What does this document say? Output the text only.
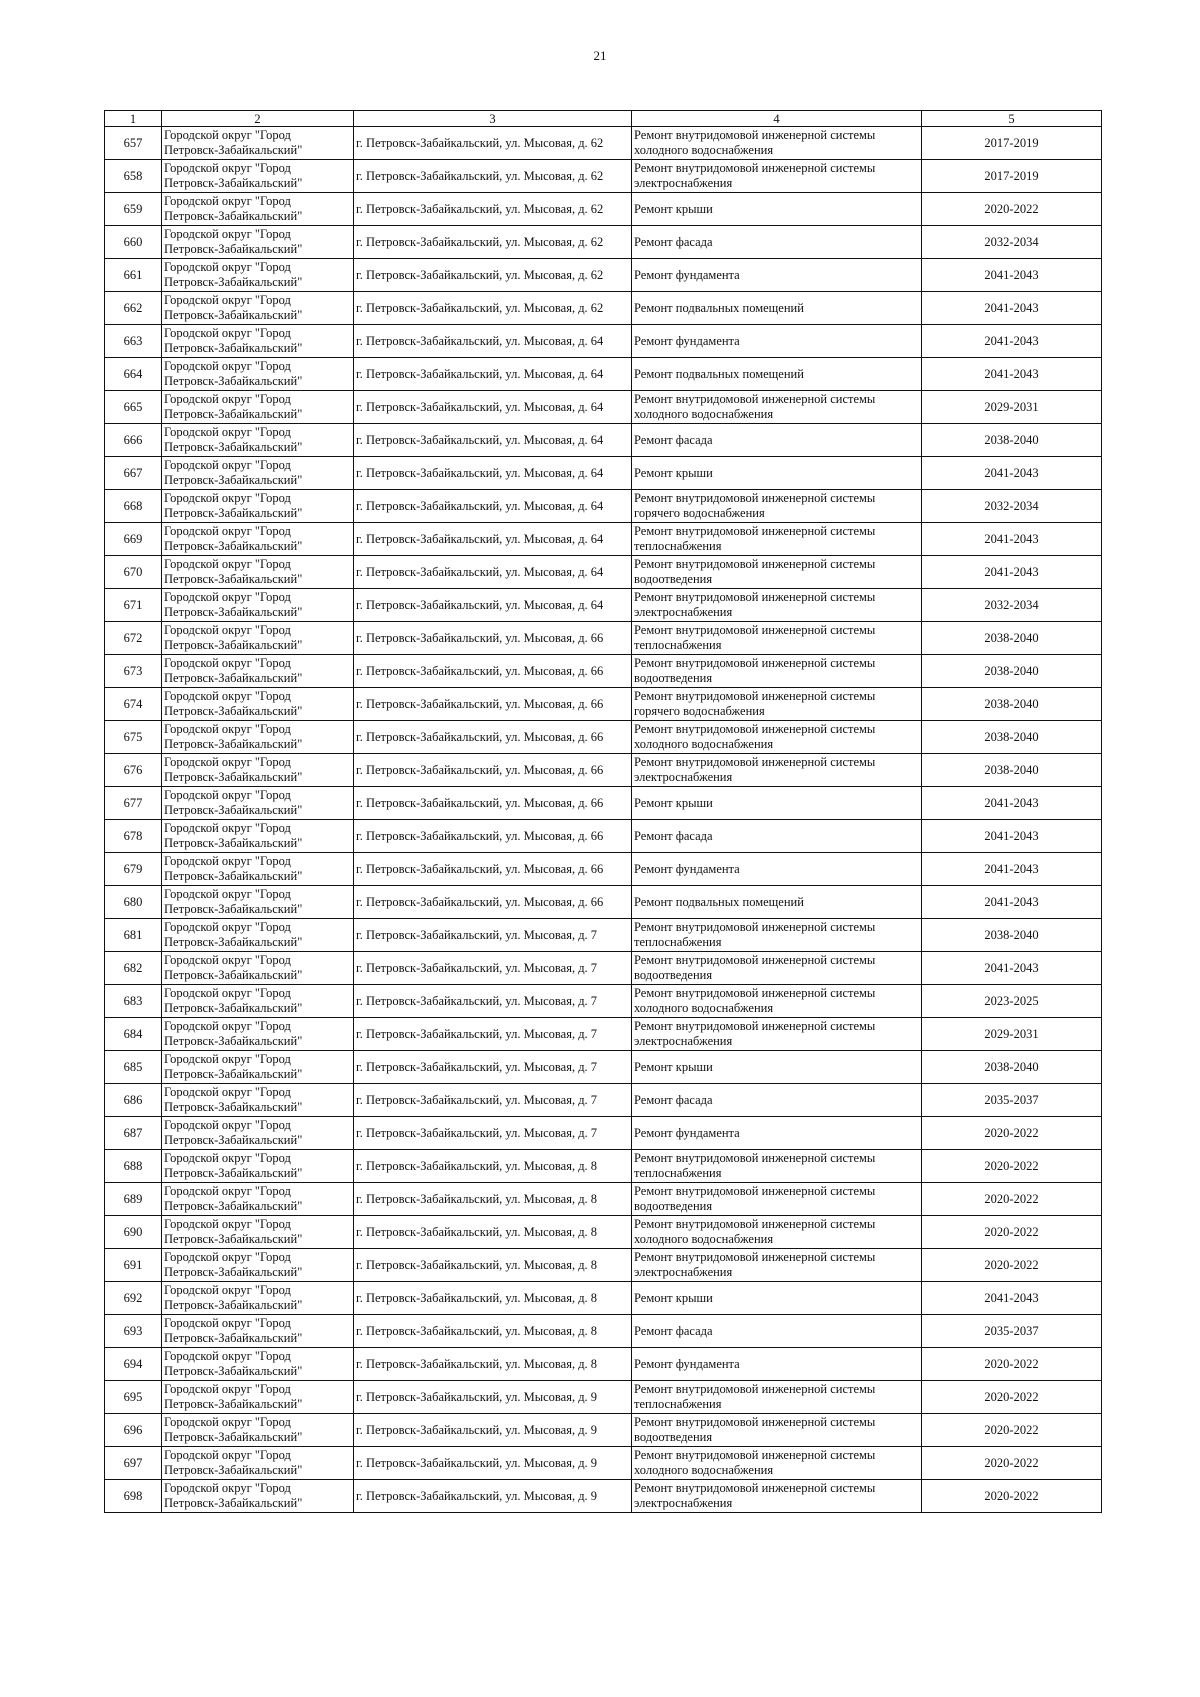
21
1	2	3	4	5
657	Городской округ "Город
Петровск-Забайкальский"	г. Петровск-Забайкальский, ул. Мысовая, д. 62	Ремонт внутридомовой инженерной системы
холодного водоснабжения	2017-2019
658	Городской округ "Город
Петровск-Забайкальский"	г. Петровск-Забайкальский, ул. Мысовая, д. 62	Ремонт внутридомовой инженерной системы
электроснабжения	2017-2019
659	Городской округ "Город
Петровск-Забайкальский"	г. Петровск-Забайкальский, ул. Мысовая, д. 62	Ремонт крыши	2020-2022
660	Городской округ "Город
Петровск-Забайкальский"	г. Петровск-Забайкальский, ул. Мысовая, д. 62	Ремонт фасада	2032-2034
661	Городской округ "Город
Петровск-Забайкальский"	г. Петровск-Забайкальский, ул. Мысовая, д. 62	Ремонт фундамента	2041-2043
662	Городской округ "Город
Петровск-Забайкальский"	г. Петровск-Забайкальский, ул. Мысовая, д. 62	Ремонт подвальных помещений	2041-2043
663	Городской округ "Город
Петровск-Забайкальский"	г. Петровск-Забайкальский, ул. Мысовая, д. 64	Ремонт фундамента	2041-2043
664	Городской округ "Город
Петровск-Забайкальский"	г. Петровск-Забайкальский, ул. Мысовая, д. 64	Ремонт подвальных помещений	2041-2043
665	Городской округ "Город
Петровск-Забайкальский"	г. Петровск-Забайкальский, ул. Мысовая, д. 64	Ремонт внутридомовой инженерной системы
холодного водоснабжения	2029-2031
666	Городской округ "Город
Петровск-Забайкальский"	г. Петровск-Забайкальский, ул. Мысовая, д. 64	Ремонт фасада	2038-2040
667	Городской округ "Город
Петровск-Забайкальский"	г. Петровск-Забайкальский, ул. Мысовая, д. 64	Ремонт крыши	2041-2043
668	Городской округ "Город
Петровск-Забайкальский"	г. Петровск-Забайкальский, ул. Мысовая, д. 64	Ремонт внутридомовой инженерной системы
горячего водоснабжения	2032-2034
669	Городской округ "Город
Петровск-Забайкальский"	г. Петровск-Забайкальский, ул. Мысовая, д. 64	Ремонт внутридомовой инженерной системы
теплоснабжения	2041-2043
670	Городской округ "Город
Петровск-Забайкальский"	г. Петровск-Забайкальский, ул. Мысовая, д. 64	Ремонт внутридомовой инженерной системы
водоотведения	2041-2043
671	Городской округ "Город
Петровск-Забайкальский"	г. Петровск-Забайкальский, ул. Мысовая, д. 64	Ремонт внутридомовой инженерной системы
электроснабжения	2032-2034
672	Городской округ "Город
Петровск-Забайкальский"	г. Петровск-Забайкальский, ул. Мысовая, д. 66	Ремонт внутридомовой инженерной системы
теплоснабжения	2038-2040
673	Городской округ "Город
Петровск-Забайкальский"	г. Петровск-Забайкальский, ул. Мысовая, д. 66	Ремонт внутридомовой инженерной системы
водоотведения	2038-2040
674	Городской округ "Город
Петровск-Забайкальский"	г. Петровск-Забайкальский, ул. Мысовая, д. 66	Ремонт внутридомовой инженерной системы
горячего водоснабжения	2038-2040
675	Городской округ "Город
Петровск-Забайкальский"	г. Петровск-Забайкальский, ул. Мысовая, д. 66	Ремонт внутридомовой инженерной системы
холодного водоснабжения	2038-2040
676	Городской округ "Город
Петровск-Забайкальский"	г. Петровск-Забайкальский, ул. Мысовая, д. 66	Ремонт внутридомовой инженерной системы
электроснабжения	2038-2040
677	Городской округ "Город
Петровск-Забайкальский"	г. Петровск-Забайкальский, ул. Мысовая, д. 66	Ремонт крыши	2041-2043
678	Городской округ "Город
Петровск-Забайкальский"	г. Петровск-Забайкальский, ул. Мысовая, д. 66	Ремонт фасада	2041-2043
679	Городской округ "Город
Петровск-Забайкальский"	г. Петровск-Забайкальский, ул. Мысовая, д. 66	Ремонт фундамента	2041-2043
680	Городской округ "Город
Петровск-Забайкальский"	г. Петровск-Забайкальский, ул. Мысовая, д. 66	Ремонт подвальных помещений	2041-2043
681	Городской округ "Город
Петровск-Забайкальский"	г. Петровск-Забайкальский, ул. Мысовая, д. 7	Ремонт внутридомовой инженерной системы
теплоснабжения	2038-2040
682	Городской округ "Город
Петровск-Забайкальский"	г. Петровск-Забайкальский, ул. Мысовая, д. 7	Ремонт внутридомовой инженерной системы
водоотведения	2041-2043
683	Городской округ "Город
Петровск-Забайкальский"	г. Петровск-Забайкальский, ул. Мысовая, д. 7	Ремонт внутридомовой инженерной системы
холодного водоснабжения	2023-2025
684	Городской округ "Город
Петровск-Забайкальский"	г. Петровск-Забайкальский, ул. Мысовая, д. 7	Ремонт внутридомовой инженерной системы
электроснабжения	2029-2031
685	Городской округ "Город
Петровск-Забайкальский"	г. Петровск-Забайкальский, ул. Мысовая, д. 7	Ремонт крыши	2038-2040
686	Городской округ "Город
Петровск-Забайкальский"	г. Петровск-Забайкальский, ул. Мысовая, д. 7	Ремонт фасада	2035-2037
687	Городской округ "Город
Петровск-Забайкальский"	г. Петровск-Забайкальский, ул. Мысовая, д. 7	Ремонт фундамента	2020-2022
688	Городской округ "Город
Петровск-Забайкальский"	г. Петровск-Забайкальский, ул. Мысовая, д. 8	Ремонт внутридомовой инженерной системы
теплоснабжения	2020-2022
689	Городской округ "Город
Петровск-Забайкальский"	г. Петровск-Забайкальский, ул. Мысовая, д. 8	Ремонт внутридомовой инженерной системы
водоотведения	2020-2022
690	Городской округ "Город
Петровск-Забайкальский"	г. Петровск-Забайкальский, ул. Мысовая, д. 8	Ремонт внутридомовой инженерной системы
холодного водоснабжения	2020-2022
691	Городской округ "Город
Петровск-Забайкальский"	г. Петровск-Забайкальский, ул. Мысовая, д. 8	Ремонт внутридомовой инженерной системы
электроснабжения	2020-2022
692	Городской округ "Город
Петровск-Забайкальский"	г. Петровск-Забайкальский, ул. Мысовая, д. 8	Ремонт крыши	2041-2043
693	Городской округ "Город
Петровск-Забайкальский"	г. Петровск-Забайкальский, ул. Мысовая, д. 8	Ремонт фасада	2035-2037
694	Городской округ "Город
Петровск-Забайкальский"	г. Петровск-Забайкальский, ул. Мысовая, д. 8	Ремонт фундамента	2020-2022
695	Городской округ "Город
Петровск-Забайкальский"	г. Петровск-Забайкальский, ул. Мысовая, д. 9	Ремонт внутридомовой инженерной системы
теплоснабжения	2020-2022
696	Городской округ "Город
Петровск-Забайкальский"	г. Петровск-Забайкальский, ул. Мысовая, д. 9	Ремонт внутридомовой инженерной системы
водоотведения	2020-2022
697	Городской округ "Город
Петровск-Забайкальский"	г. Петровск-Забайкальский, ул. Мысовая, д. 9	Ремонт внутридомовой инженерной системы
холодного водоснабжения	2020-2022
698	Городской округ "Город
Петровск-Забайкальский"	г. Петровск-Забайкальский, ул. Мысовая, д. 9	Ремонт внутридомовой инженерной системы
электроснабжения	2020-2022
